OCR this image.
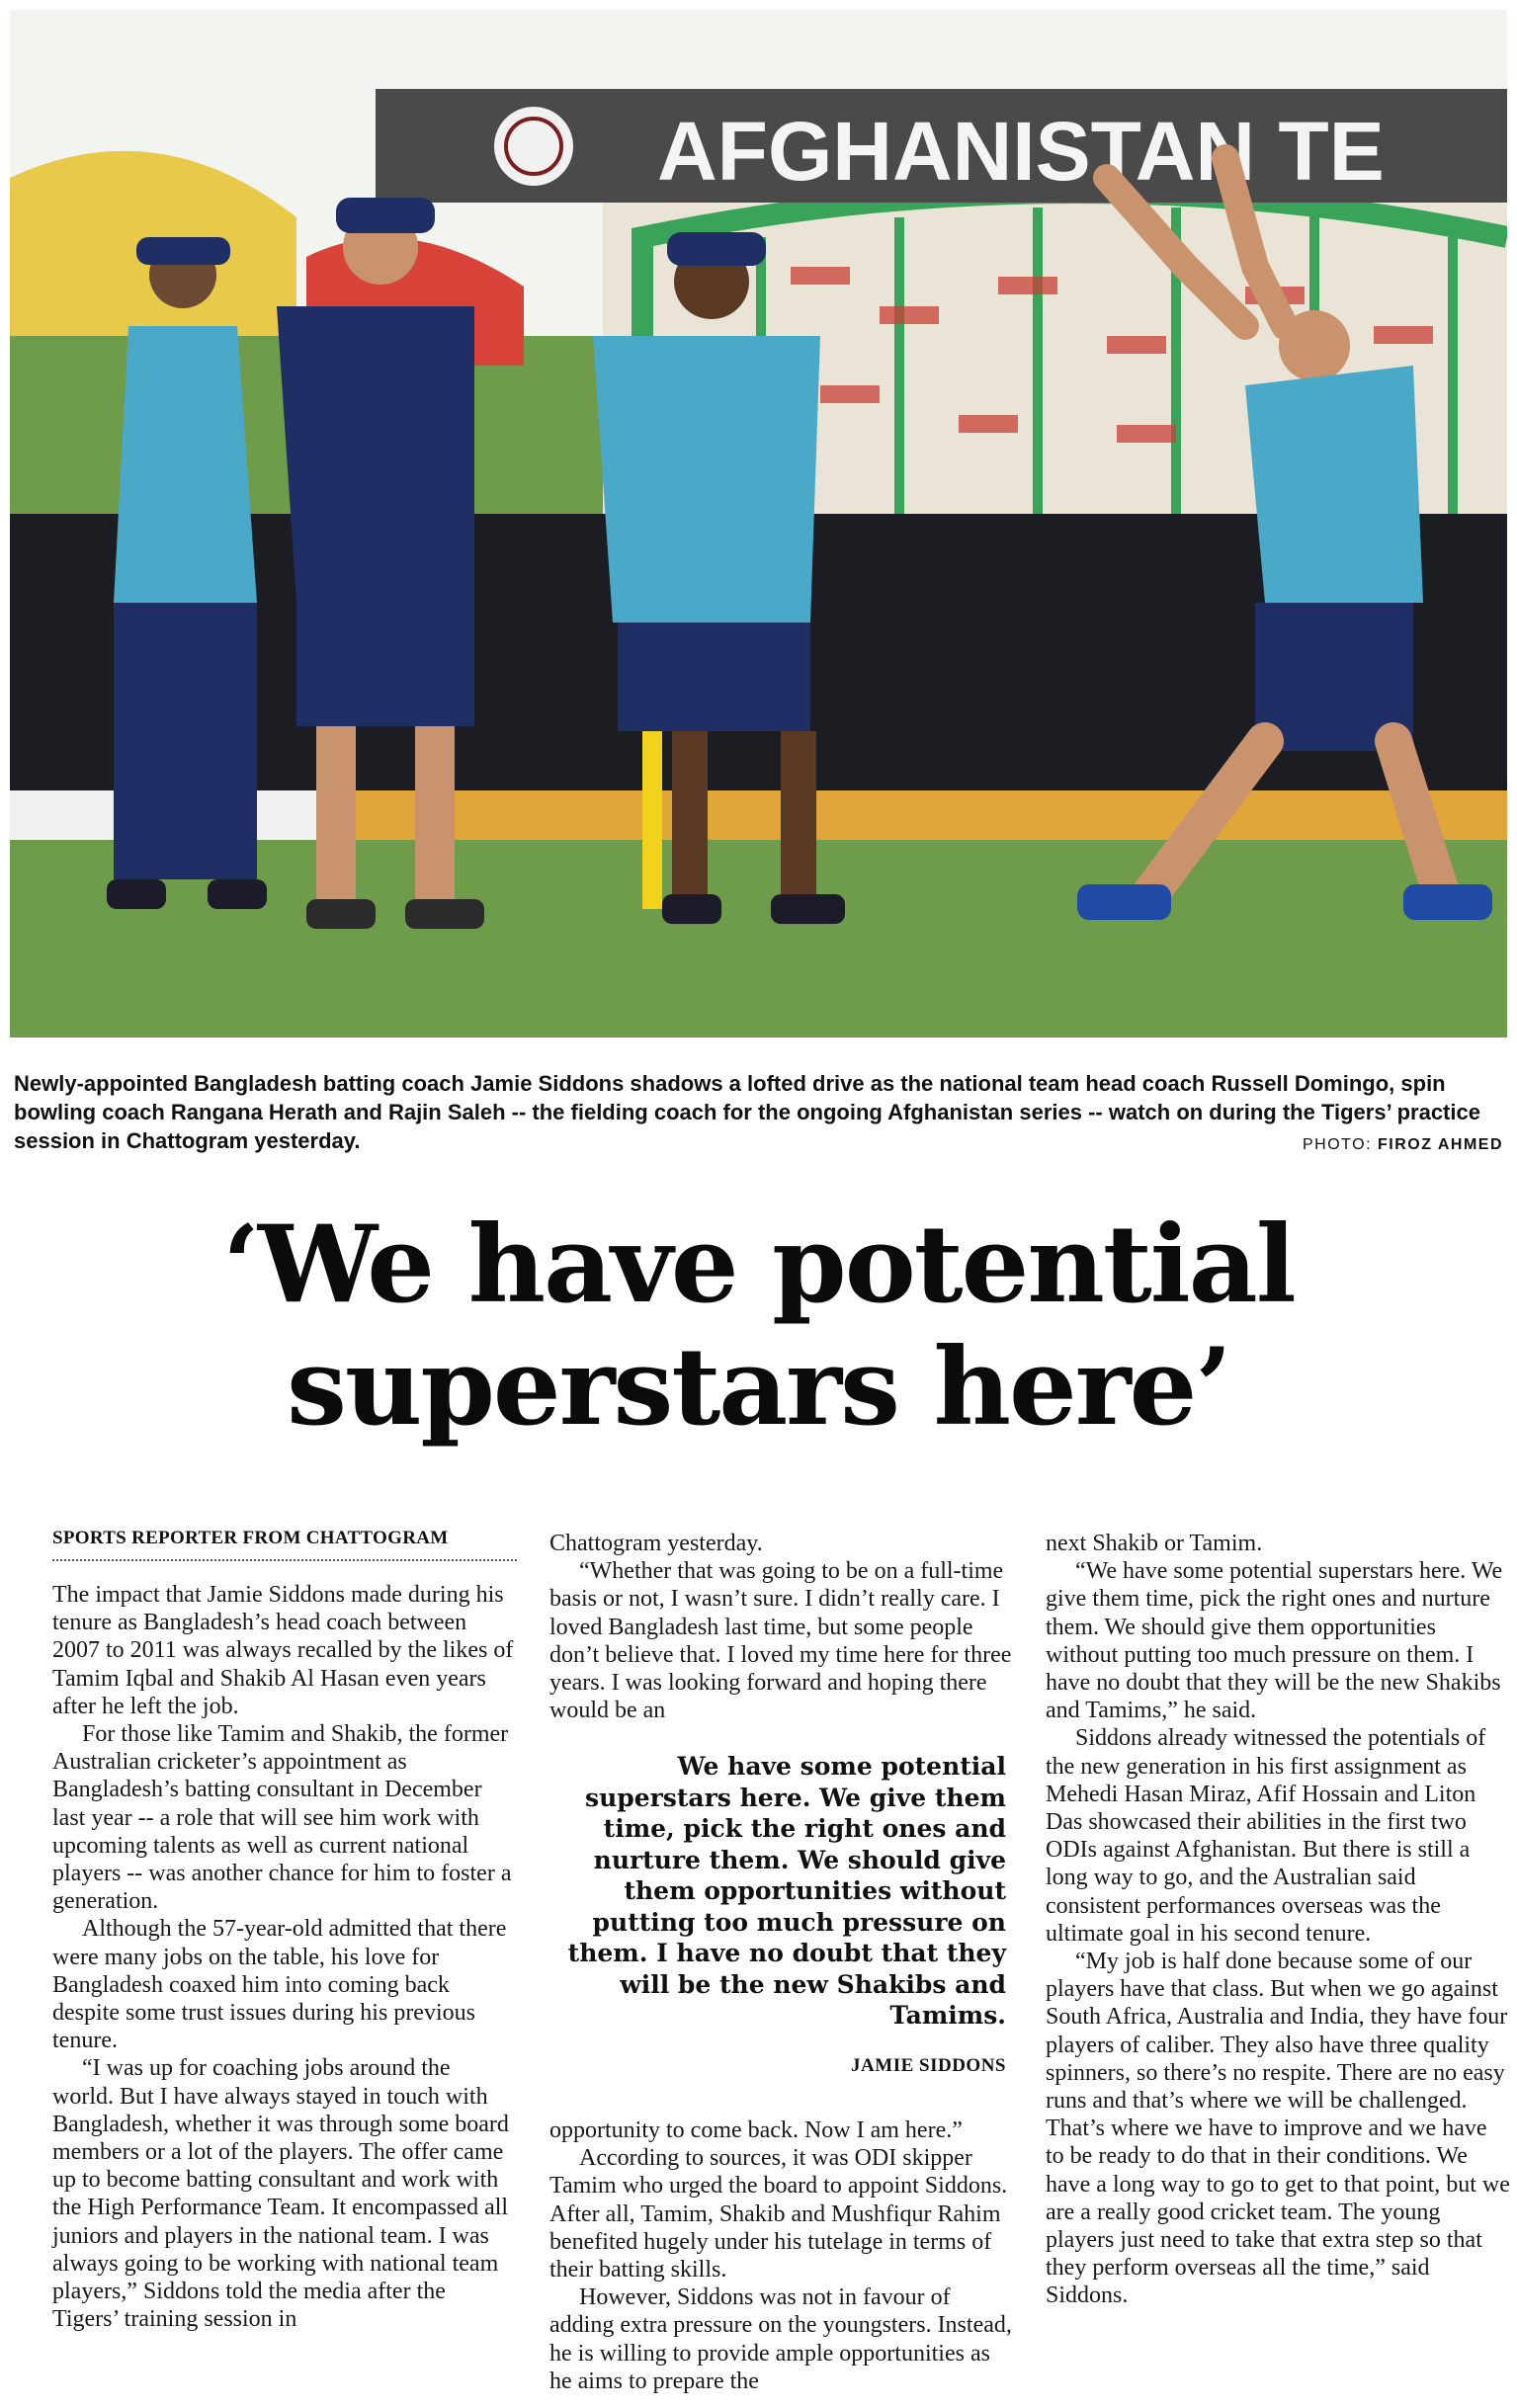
AFGHANISTAN TE

Newly-appointed Bangladesh batting coach Jamie Siddons shadows a lofted drive as the national team head coach Russell Domingo, spin bowling coach Rangana Herath and Rajin Saleh -- the fielding coach for the ongoing Afghanistan series -- watch on during the Tigers’ practice session in Chattogram yesterday.	PHOTO: FIROZ AHMED

‘We have potential
superstars here’

SPORTS REPORTER FROM CHATTOGRAM

The impact that Jamie Siddons made during his tenure as Bangladesh’s head coach between 2007 to 2011 was always recalled by the likes of Tamim Iqbal and Shakib Al Hasan even years after he left the job.

For those like Tamim and Shakib, the former Australian cricketer’s appointment as Bangladesh’s batting consultant in December last year -- a role that will see him work with upcoming talents as well as current national players -- was another chance for him to foster a generation.

Although the 57-year-old admitted that there were many jobs on the table, his love for Bangladesh coaxed him into coming back despite some trust issues during his previous tenure.

“I was up for coaching jobs around the world. But I have always stayed in touch with Bangladesh, whether it was through some board members or a lot of the players. The offer came up to become batting consultant and work with the High Performance Team. It encompassed all juniors and players in the national team. I was always going to be working with national team players,” Siddons told the media after the Tigers’ training session in

Chattogram yesterday.

“Whether that was going to be on a full-time basis or not, I wasn’t sure. I didn’t really care. I loved Bangladesh last time, but some people don’t believe that. I loved my time here for three years. I was looking forward and hoping there would be an

We have some potential superstars here. We give them time, pick the right ones and nurture them. We should give them opportunities without putting too much pressure on them. I have no doubt that they will be the new Shakibs and Tamims.

JAMIE SIDDONS

opportunity to come back. Now I am here.”

According to sources, it was ODI skipper Tamim who urged the board to appoint Siddons. After all, Tamim, Shakib and Mushfiqur Rahim benefited hugely under his tutelage in terms of their batting skills.

However, Siddons was not in favour of adding extra pressure on the youngsters. Instead, he is willing to provide ample opportunities as he aims to prepare the

next Shakib or Tamim.

“We have some potential superstars here. We give them time, pick the right ones and nurture them. We should give them opportunities without putting too much pressure on them. I have no doubt that they will be the new Shakibs and Tamims,” he said.

Siddons already witnessed the potentials of the new generation in his first assignment as Mehedi Hasan Miraz, Afif Hossain and Liton Das showcased their abilities in the first two ODIs against Afghanistan. But there is still a long way to go, and the Australian said consistent performances overseas was the ultimate goal in his second tenure.

“My job is half done because some of our players have that class. But when we go against South Africa, Australia and India, they have four players of caliber. They also have three quality spinners, so there’s no respite. There are no easy runs and that’s where we will be challenged. That’s where we have to improve and we have to be ready to do that in their conditions. We have a long way to go to get to that point, but we are a really good cricket team. The young players just need to take that extra step so that they perform overseas all the time,” said Siddons.
